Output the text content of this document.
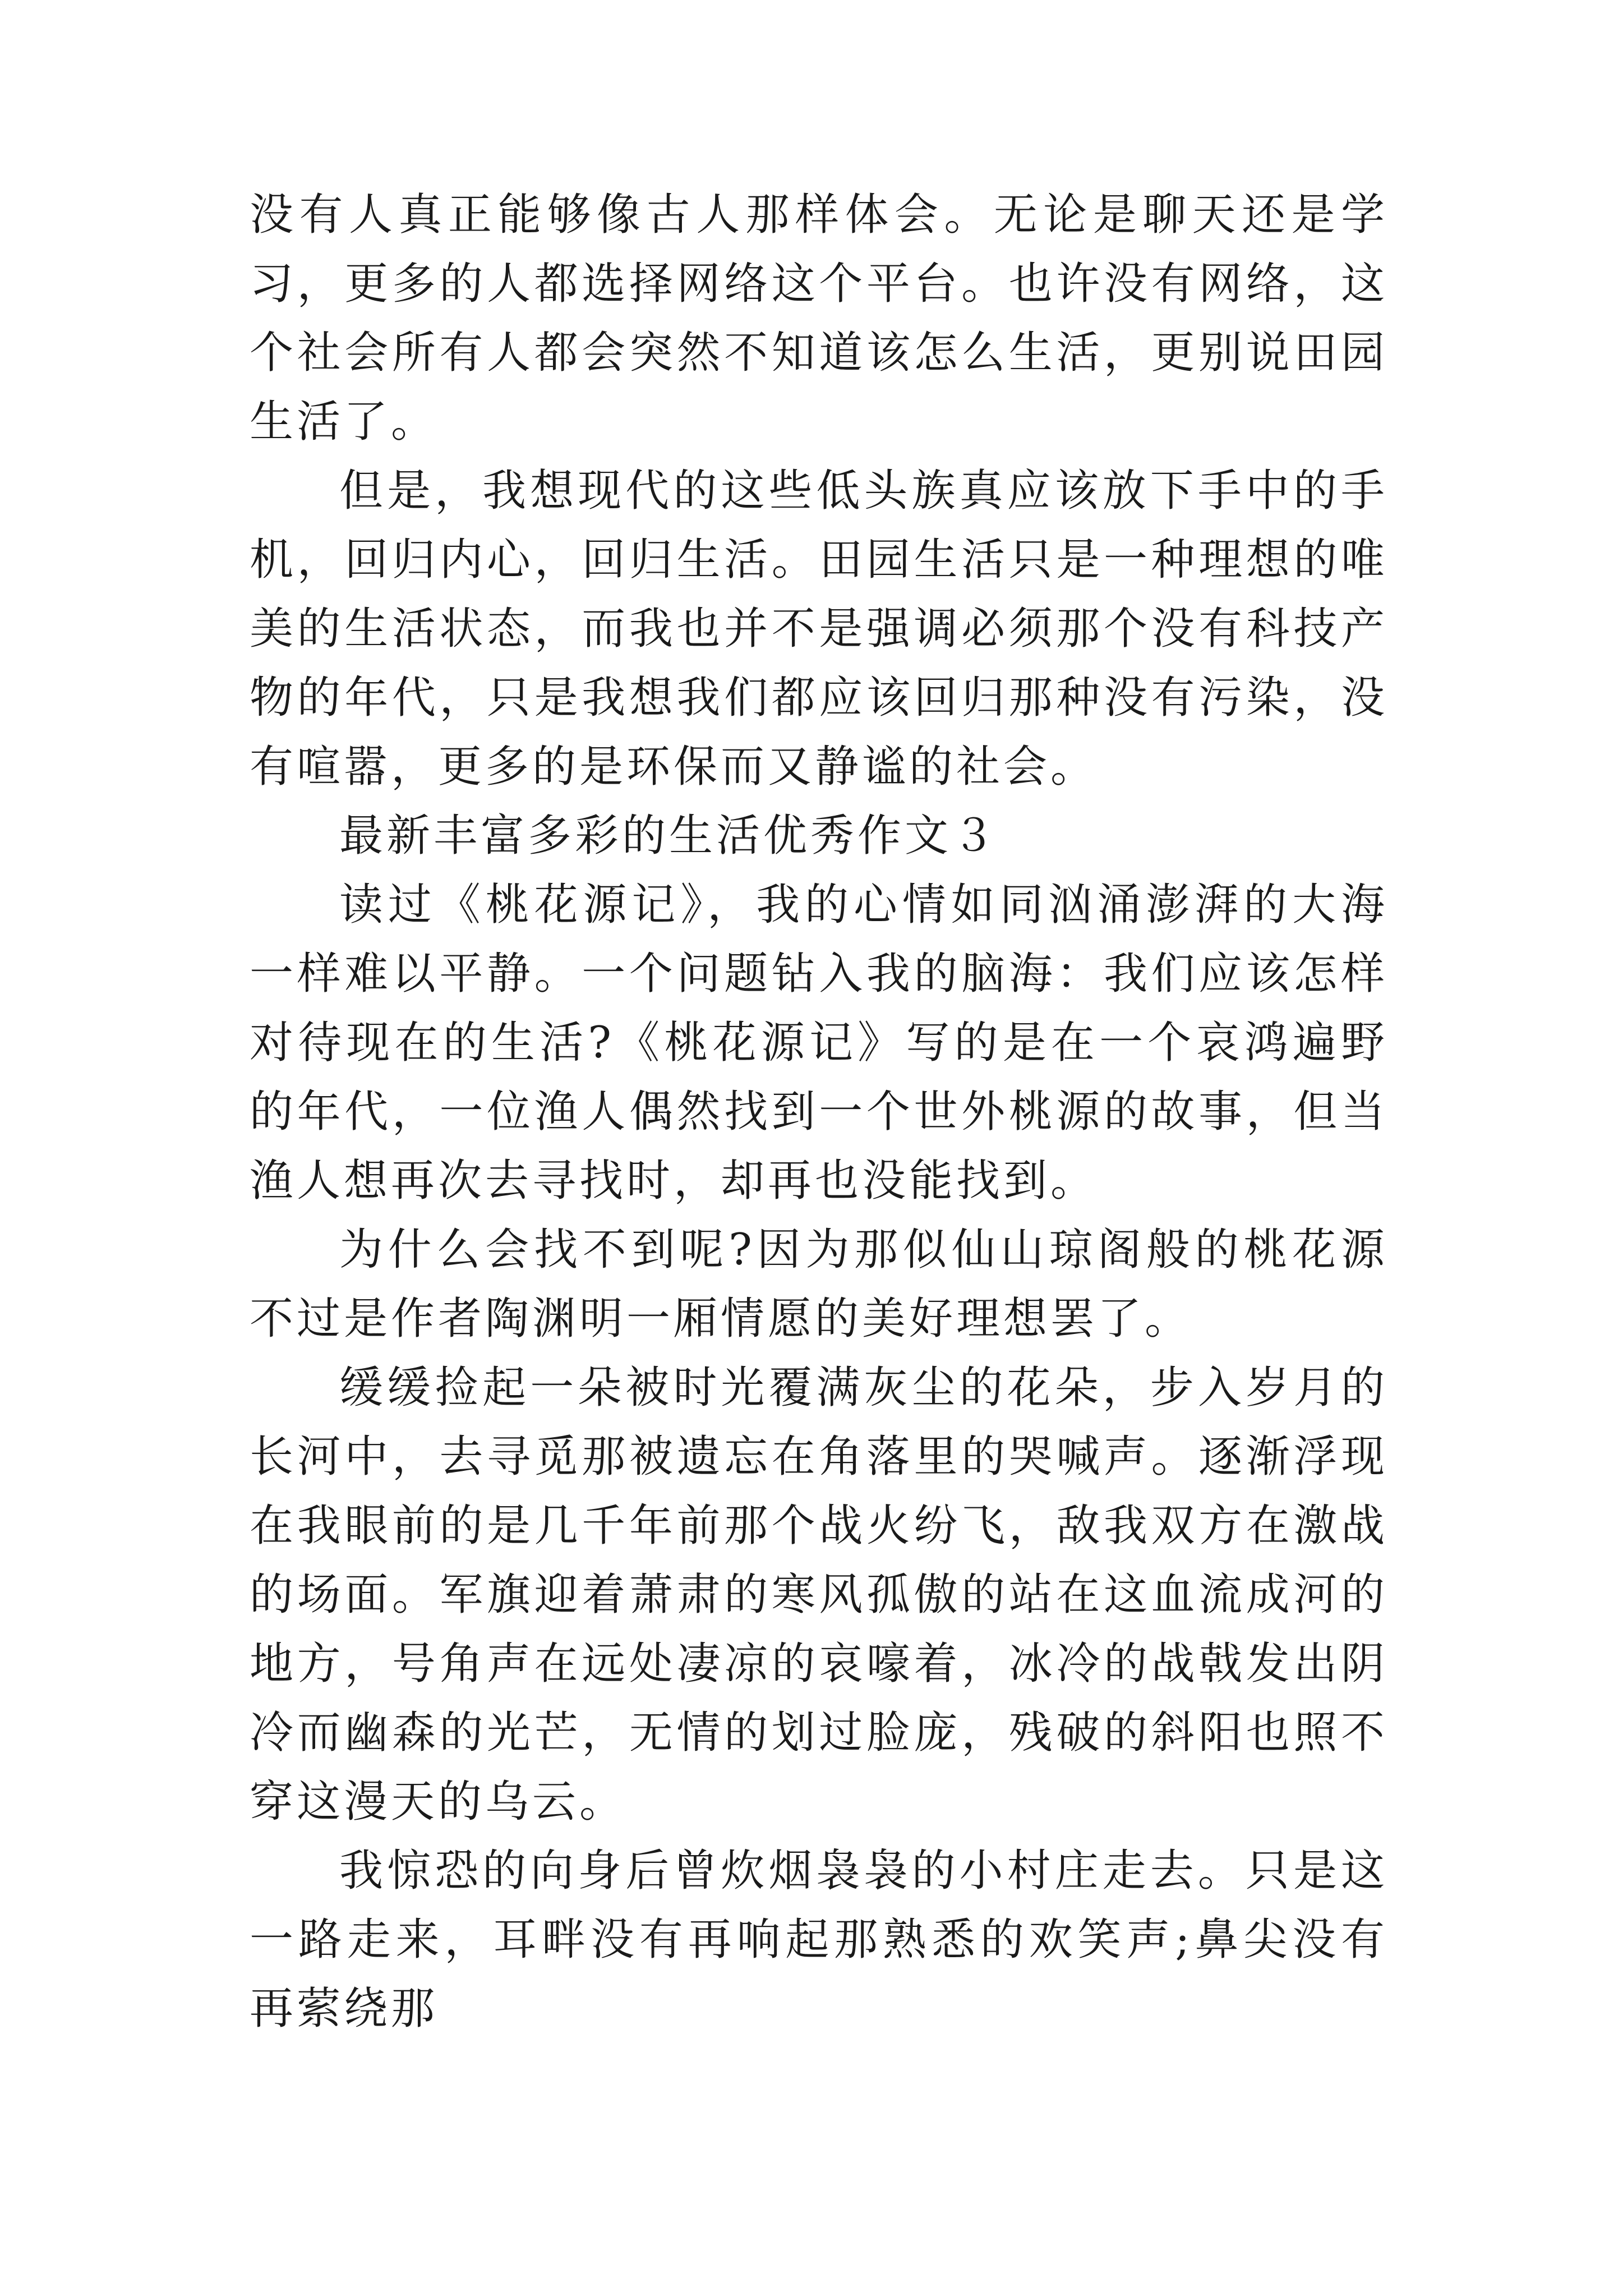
没有人真正能够像古人那样体会。无论是聊天还是学习，更多的人都选择网络这个平台。也许没有网络，这个社会所有人都会突然不知道该怎么生活，更别说田园生活了。

但是，我想现代的这些低头族真应该放下手中的手机，回归内心，回归生活。田园生活只是一种理想的唯美的生活状态，而我也并不是强调必须那个没有科技产物的年代，只是我想我们都应该回归那种没有污染，没有喧嚣，更多的是环保而又静谧的社会。

最新丰富多彩的生活优秀作文３

读过《桃花源记》，我的心情如同汹涌澎湃的大海一样难以平静。一个问题钻入我的脑海：我们应该怎样对待现在的生活?《桃花源记》写的是在一个哀鸿遍野的年代，一位渔人偶然找到一个世外桃源的故事，但当渔人想再次去寻找时，却再也没能找到。

为什么会找不到呢?因为那似仙山琼阁般的桃花源不过是作者陶渊明一厢情愿的美好理想罢了。

缓缓捡起一朵被时光覆满灰尘的花朵，步入岁月的长河中，去寻觅那被遗忘在角落里的哭喊声。逐渐浮现在我眼前的是几千年前那个战火纷飞，敌我双方在激战的场面。军旗迎着萧肃的寒风孤傲的站在这血流成河的地方，号角声在远处凄凉的哀嚎着，冰冷的战戟发出阴冷而幽森的光芒，无情的划过脸庞，残破的斜阳也照不穿这漫天的乌云。

我惊恐的向身后曾炊烟袅袅的小村庄走去。只是这一路走来，耳畔没有再响起那熟悉的欢笑声;鼻尖没有再萦绕那
